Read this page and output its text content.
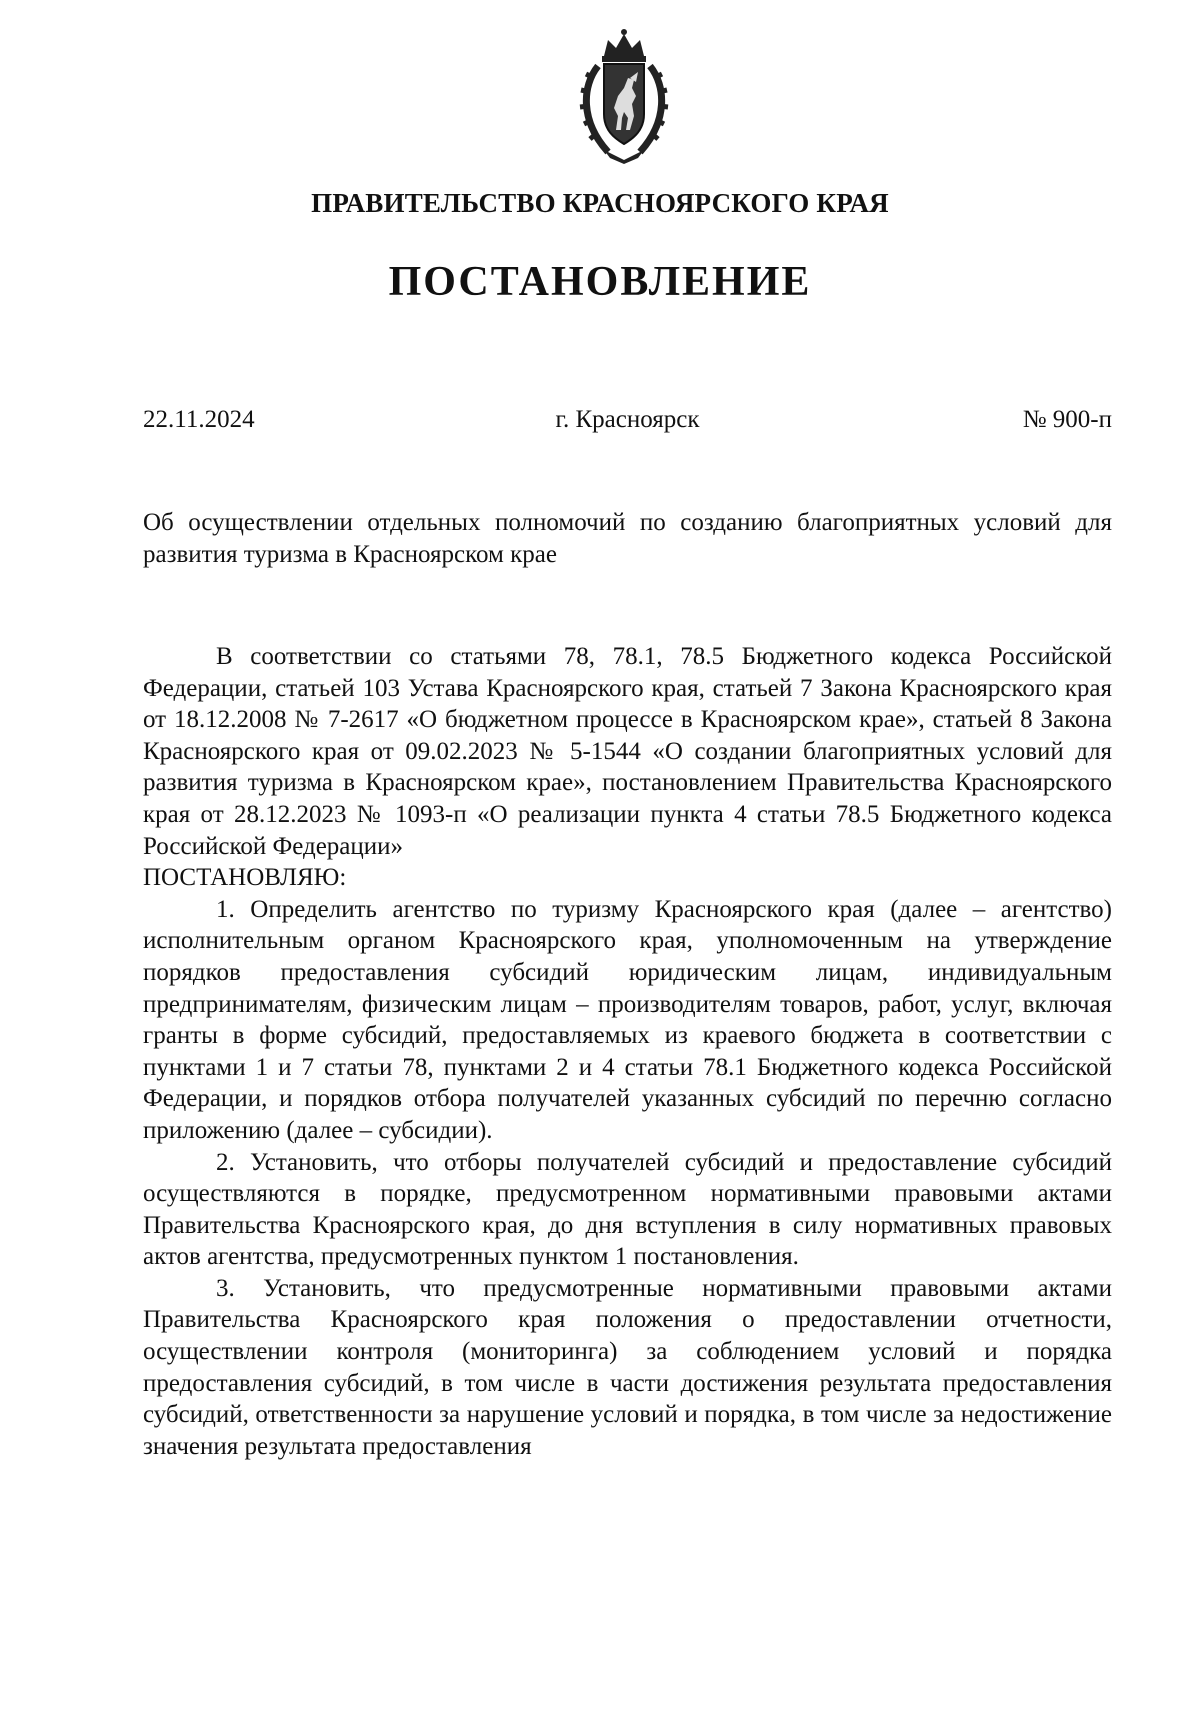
ПРАВИТЕЛЬСТВО КРАСНОЯРСКОГО КРАЯ
ПОСТАНОВЛЕНИЕ
22.11.2024	г. Красноярск	№ 900-п
Об осуществлении отдельных полномочий по созданию благоприятных условий для развития туризма в Красноярском крае

В соответствии со статьями 78, 78.1, 78.5 Бюджетного кодекса Российской Федерации, статьей 103 Устава Красноярского края, статьей 7 Закона Красноярского края от 18.12.2008 № 7-2617 «О бюджетном процессе в Красноярском крае», статьей 8 Закона Красноярского края от 09.02.2023 № 5-1544 «О создании благоприятных условий для развития туризма в Красноярском крае», постановлением Правительства Красноярского края от 28.12.2023 № 1093-п «О реализации пункта 4 статьи 78.5 Бюджетного кодекса Российской Федерации»

ПОСТАНОВЛЯЮ:

1. Определить агентство по туризму Красноярского края (далее – агентство) исполнительным органом Красноярского края, уполномоченным на утверждение порядков предоставления субсидий юридическим лицам, индивидуальным предпринимателям, физическим лицам – производителям товаров, работ, услуг, включая гранты в форме субсидий, предоставляемых из краевого бюджета в соответствии с пунктами 1 и 7 статьи 78, пунктами 2 и 4 статьи 78.1 Бюджетного кодекса Российской Федерации, и порядков отбора получателей указанных субсидий по перечню согласно приложению (далее – субсидии).

2. Установить, что отборы получателей субсидий и предоставление субсидий осуществляются в порядке, предусмотренном нормативными правовыми актами Правительства Красноярского края, до дня вступления в силу нормативных правовых актов агентства, предусмотренных пунктом 1 постановления.

3. Установить, что предусмотренные нормативными правовыми актами Правительства Красноярского края положения о предоставлении отчетности, осуществлении контроля (мониторинга) за соблюдением условий и порядка предоставления субсидий, в том числе в части достижения результата предоставления субсидий, ответственности за нарушение условий и порядка, в том числе за недостижение значения результата предоставления
